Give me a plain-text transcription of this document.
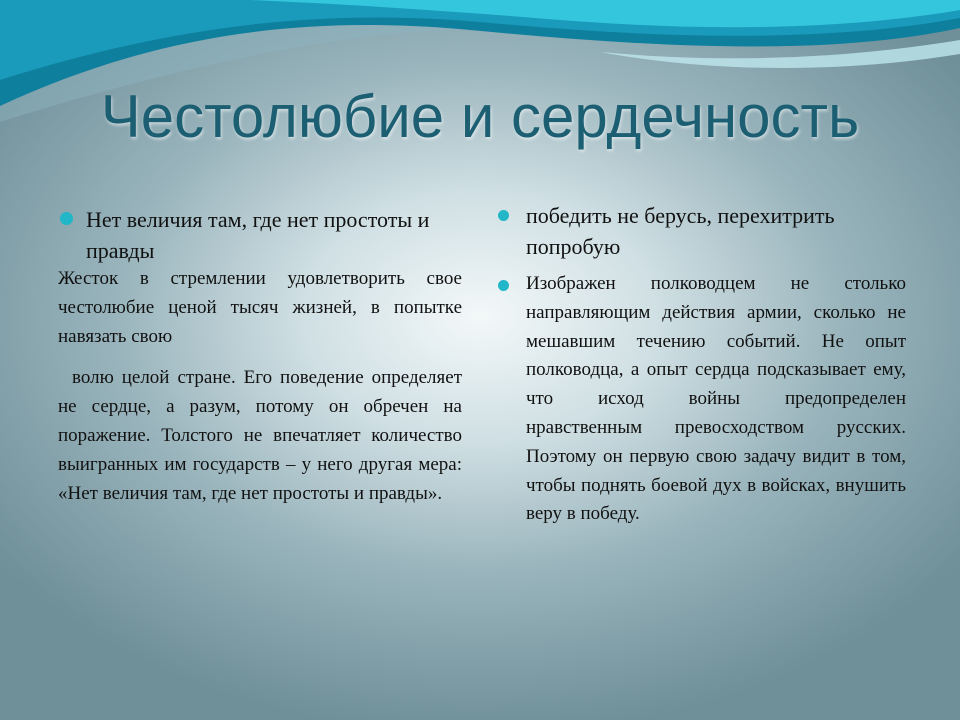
Честолюбие и сердечность
Нет величия там, где нет простоты и правды

Жесток в стремлении удовлетворить свое честолюбие ценой тысяч жизней, в попытке навязать свою

волю целой стране. Его поведение определяет не сердце, а разум, потому он обречен на поражение. Толстого не впечатляет количество выигранных им государств – у него другая мера: «Нет величия там, где нет простоты и правды».

победить не берусь, перехитрить попробую
Изображен полководцем не столько направляющим действия армии, сколько не мешавшим течению событий. Не опыт полководца, а опыт сердца подсказывает ему, что исход войны предопределен нравственным превосходством русских. Поэтому он первую свою задачу видит в том, чтобы поднять боевой дух в войсках, внушить веру в победу.
